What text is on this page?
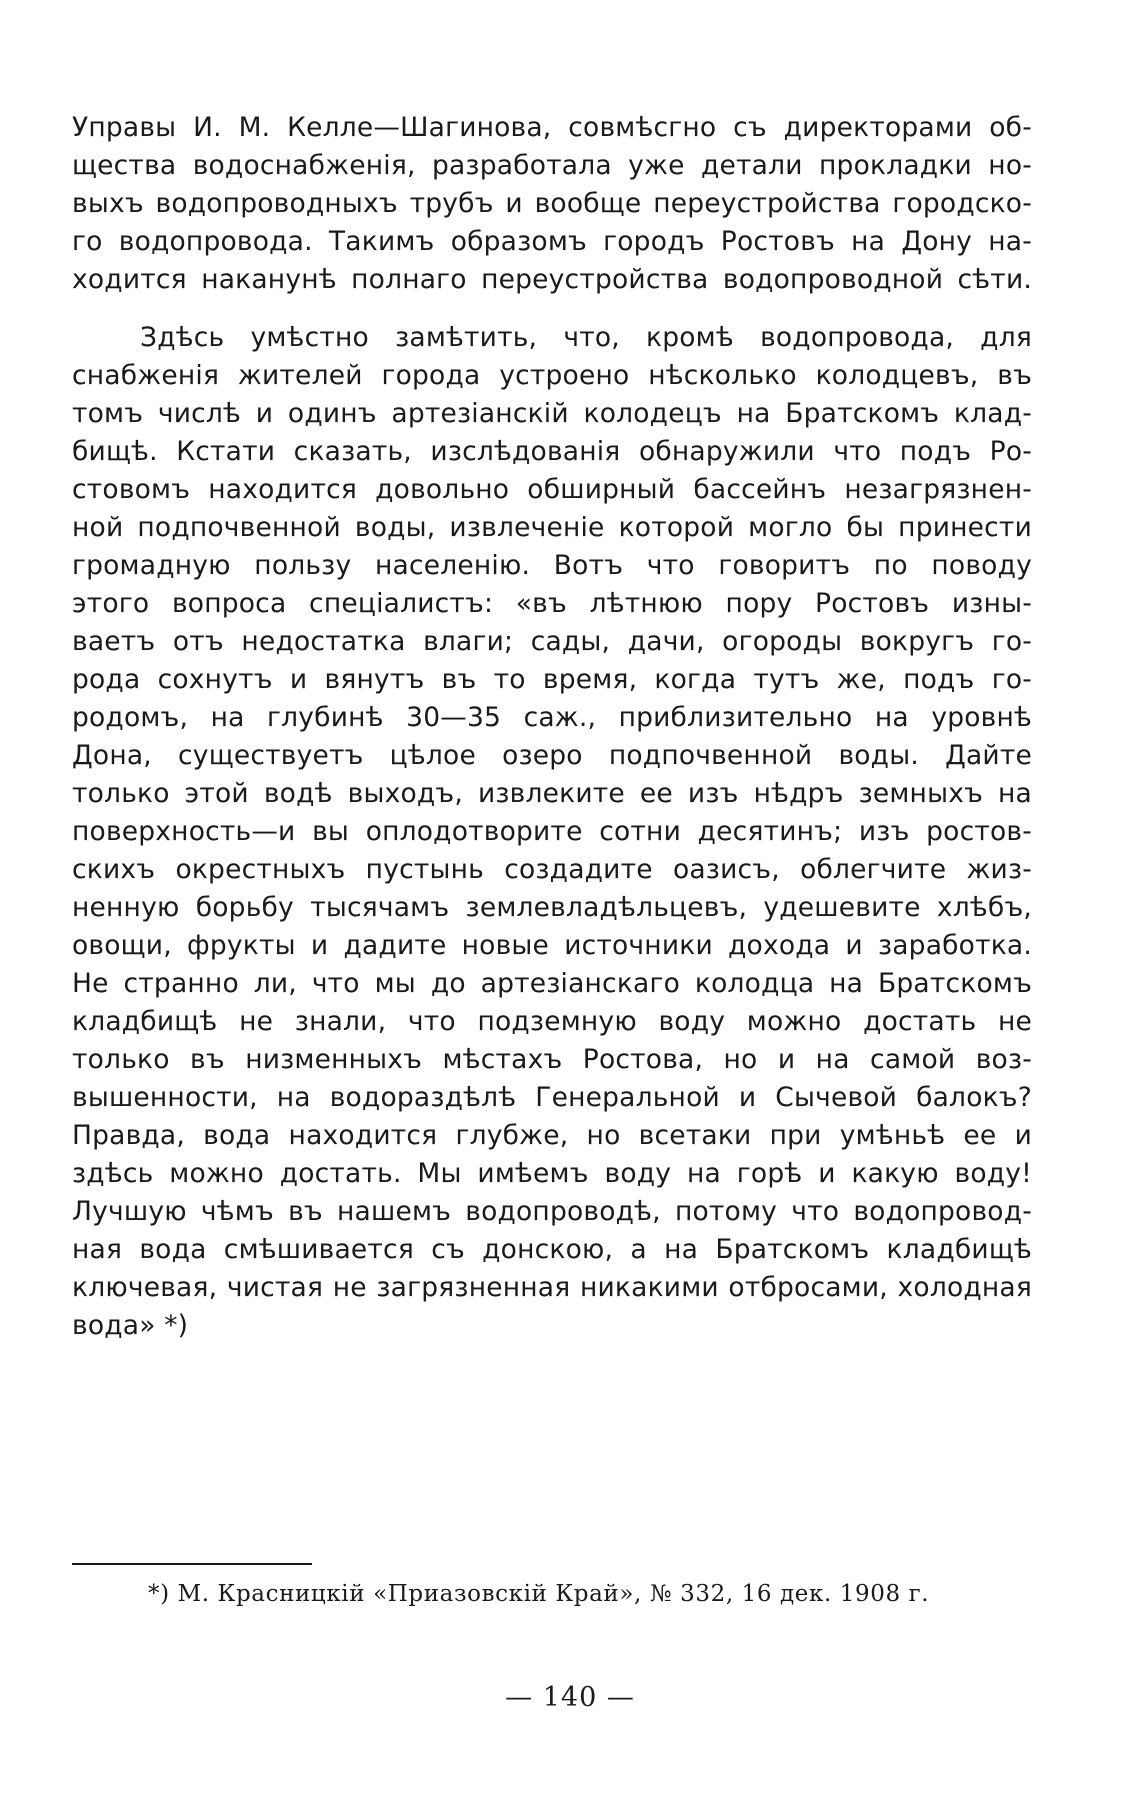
Управы И. М. Келле—Шагинова, совмѣсгно съ директорами об-
щества водоснабженія, разработала уже детали прокладки но-
выхъ водопроводныхъ трубъ и вообще переустройства городско-
го водопровода. Такимъ образомъ городъ Ростовъ на Дону на-
ходится наканунѣ полнаго переустройства водопроводной сѣти.
Здѣсь умѣстно замѣтить, что, кромѣ водопровода, для
снабженія жителей города устроено нѣсколько колодцевъ, въ
томъ числѣ и одинъ артезіанскій колодецъ на Братскомъ клад-
бищѣ. Кстати сказать, изслѣдованія обнаружили что подъ Ро-
стовомъ находится довольно обширный бассейнъ незагрязнен-
ной подпочвенной воды, извлеченіе которой могло бы принести
громадную пользу населенію. Вотъ что говоритъ по поводу
этого вопроса спеціалистъ: «въ лѣтнюю пору Ростовъ изны-
ваетъ отъ недостатка влаги; сады, дачи, огороды вокругъ го-
рода сохнутъ и вянутъ въ то время, когда тутъ же, подъ го-
родомъ, на глубинѣ 30—35 саж., приблизительно на уровнѣ
Дона, существуетъ цѣлое озеро подпочвенной воды. Дайте
только этой водѣ выходъ, извлеките ее изъ нѣдръ земныхъ на
поверхность—и вы оплодотворите сотни десятинъ; изъ ростов-
скихъ окрестныхъ пустынь создадите оазисъ, облегчите жиз-
ненную борьбу тысячамъ землевладѣльцевъ, удешевите хлѣбъ,
овощи, фрукты и дадите новые источники дохода и заработка.
Не странно ли, что мы до артезіанскаго колодца на Братскомъ
кладбищѣ не знали, что подземную воду можно достать не
только въ низменныхъ мѣстахъ Ростова, но и на самой воз-
вышенности, на водораздѣлѣ Генеральной и Сычевой балокъ?
Правда, вода находится глубже, но всетаки при умѣньѣ ее и
здѣсь можно достать. Мы имѣемъ воду на горѣ и какую воду!
Лучшую чѣмъ въ нашемъ водопроводѣ, потому что водопровод-
ная вода смѣшивается съ донскою, а на Братскомъ кладбищѣ
ключевая, чистая не загрязненная никакими отбросами, холодная
вода» *)
*) М. Красницкій «Приазовскій Край», № 332, 16 дек. 1908 г.
— 140 —
